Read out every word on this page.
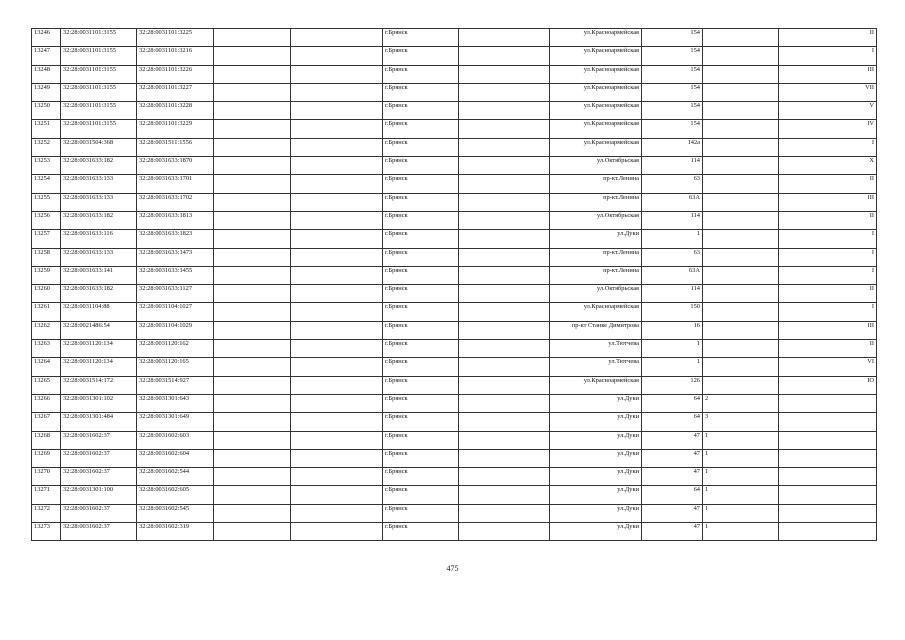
13246	32:28:0031101:3155	32:28:0031101:3225			г.Брянск		ул.Красноармейская	154		II
13247	32:28:0031101:3155	32:28:0031101:3216			г.Брянск		ул.Красноармейская	154		I
13248	32:28:0031101:3155	32:28:0031101:3226			г.Брянск		ул.Красноармейская	154		III
13249	32:28:0031101:3155	32:28:0031101:3227			г.Брянск		ул.Красноармейская	154		VII
13250	32:28:0031101:3155	32:28:0031101:3228			г.Брянск		ул.Красноармейская	154		V
13251	32:28:0031101:3155	32:28:0031101:3229			г.Брянск		ул.Красноармейская	154		IV
13252	32:28:0031504:368	32:28:0031511:1556			г.Брянск		ул.Красноармейская	142а		I
13253	32:28:0031633:182	32:28:0031633:1870			г.Брянск		ул.Октябрьская	114		X
13254	32:28:0031633:133	32:28:0031633:1701			г.Брянск		пр-кт.Ленина	63		II
13255	32:28:0031633:133	32:28:0031633:1702			г.Брянск		пр-кт.Ленина	63А		III
13256	32:28:0031633:182	32:28:0031633:1813			г.Брянск		ул.Октябрьская	114		II
13257	32:28:0031633:116	32:28:0031633:1823			г.Брянск		ул.Дуки	1		I
13258	32:28:0031633:133	32:28:0031633:1473			г.Брянск		пр-кт.Ленина	63		I
13259	32:28:0031633:141	32:28:0031633:1455			г.Брянск		пр-кт.Ленина	63А		I
13260	32:28:0031633:182	32:28:0031633:1127			г.Брянск		ул.Октябрьская	114		II
13261	32:28:0031104:88	32:28:0031104:1027			г.Брянск		ул.Красноармейская	150		I
13262	32:28:0021486:54	32:28:0031104:1029			г.Брянск		пр-кт Станке Димитрова	16		III
13263	32:28:0031120:134	32:28:0031120:162			г.Брянск		ул.Тютчева	1		II
13264	32:28:0031120:134	32:28:0031120:165			г.Брянск		ул.Тютчева	1		VI
13265	32:28:0031514:172	32:28:0031514:927			г.Брянск		ул.Красноармейская	126		IO
13266	32:28:0031301:102	32:28:0031301:643			г.Брянск		ул.Дуки	64	2	
13267	32:28:0031301:484	32:28:0031301:649			г.Брянск		ул.Дуки	64	3	
13268	32:28:0031602:37	32:28:0031602:603			г.Брянск		ул.Дуки	47	1	
13269	32:28:0031602:37	32:28:0031602:604			г.Брянск		ул.Дуки	47	1	
13270	32:28:0031602:37	32:28:0031602:544			г.Брянск		ул.Дуки	47	1	
13271	32:28:0031301:100	32:28:0031602:605			г.Брянск		ул.Дуки	64	1	
13272	32:28:0031602:37	32:28:0031602:545			г.Брянск		ул.Дуки	47	1	
13273	32:28:0031602:37	32:28:0031602:319			г.Брянск		ул.Дуки	47	1	
475
